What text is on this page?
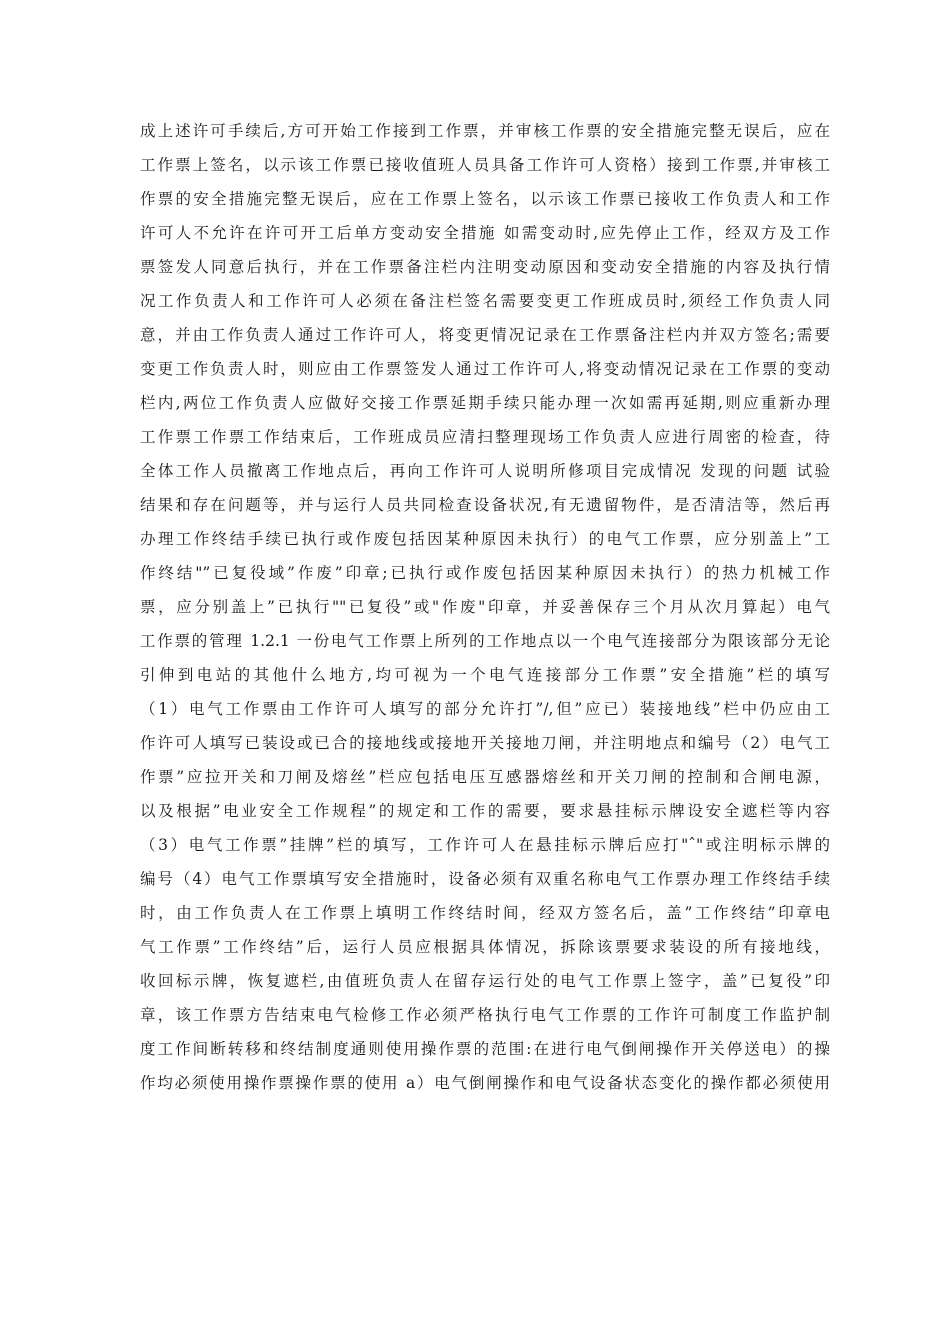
成上述许可手续后,方可开始工作接到工作票，并审核工作票的安全措施完整无误后，应在
工作票上签名，以示该工作票已接收值班人员具备工作许可人资格）接到工作票,并审核工
作票的安全措施完整无误后，应在工作票上签名，以示该工作票已接收工作负责人和工作
许可人不允许在许可开工后单方变动安全措施 如需变动时,应先停止工作，经双方及工作
票签发人同意后执行，并在工作票备注栏内注明变动原因和变动安全措施的内容及执行情
况工作负责人和工作许可人必须在备注栏签名需要变更工作班成员时,须经工作负责人同
意，并由工作负责人通过工作许可人，将变更情况记录在工作票备注栏内并双方签名;需要
变更工作负责人时，则应由工作票签发人通过工作许可人,将变动情况记录在工作票的变动
栏内,两位工作负责人应做好交接工作票延期手续只能办理一次如需再延期,则应重新办理
工作票工作票工作结束后，工作班成员应清扫整理现场工作负责人应进行周密的检查，待
全体工作人员撤离工作地点后，再向工作许可人说明所修项目完成情况 发现的问题 试验
结果和存在问题等，并与运行人员共同检查设备状况,有无遗留物件，是否清洁等，然后再
办理工作终结手续已执行或作废包括因某种原因未执行）的电气工作票，应分别盖上”工
作终结"”已复役域”作废”印章;已执行或作废包括因某种原因未执行）的热力机械工作
票，应分别盖上”已执行""已复役”或"作废"印章，并妥善保存三个月从次月算起）电气
工作票的管理 1.2.1 一份电气工作票上所列的工作地点以一个电气连接部分为限该部分无论
引伸到电站的其他什么地方,均可视为一个电气连接部分工作票”安全措施”栏的填写
（1）电气工作票由工作许可人填写的部分允许打”/,但”应已）装接地线”栏中仍应由工
作许可人填写已装设或已合的接地线或接地开关接地刀闸，并注明地点和编号（2）电气工
作票”应拉开关和刀闸及熔丝”栏应包括电压互感器熔丝和开关刀闸的控制和合闸电源，
以及根据”电业安全工作规程”的规定和工作的需要，要求悬挂标示牌设安全遮栏等内容
（3）电气工作票”挂牌”栏的填写，工作许可人在悬挂标示牌后应打"ˆ"或注明标示牌的
编号（4）电气工作票填写安全措施时，设备必须有双重名称电气工作票办理工作终结手续
时，由工作负责人在工作票上填明工作终结时间，经双方签名后，盖”工作终结”印章电
气工作票”工作终结”后，运行人员应根据具体情况，拆除该票要求装设的所有接地线，
收回标示牌，恢复遮栏,由值班负责人在留存运行处的电气工作票上签字，盖”已复役”印
章，该工作票方告结束电气检修工作必须严格执行电气工作票的工作许可制度工作监护制
度工作间断转移和终结制度通则使用操作票的范围:在进行电气倒闸操作开关停送电）的操
作均必须使用操作票操作票的使用 a）电气倒闸操作和电气设备状态变化的操作都必须使用
